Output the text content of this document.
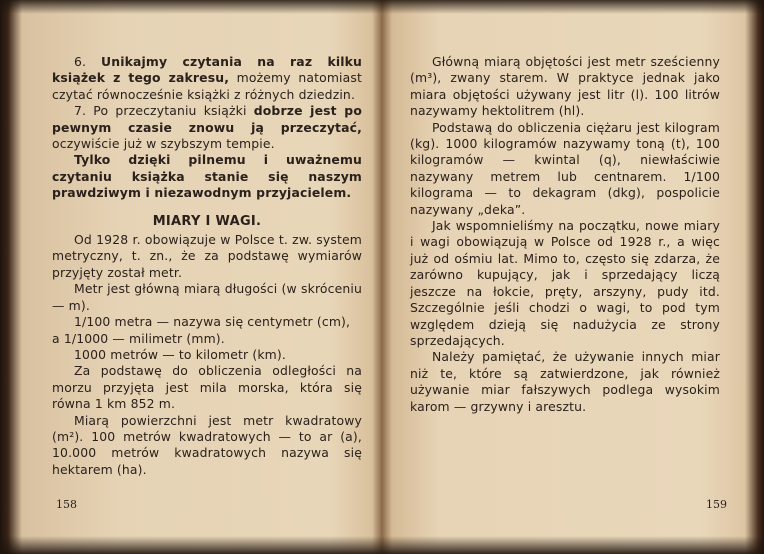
6. Unikajmy czytania na raz kilku książek z tego zakresu, możemy natomiast czytać równocześnie książki z różnych dziedzin.

7. Po przeczytaniu książki dobrze jest po pewnym czasie znowu ją przeczytać, oczywiście już w szybszym tempie.

Tylko dzięki pilnemu i uważnemu czytaniu książka stanie się naszym prawdziwym i niezawodnym przyjacielem.

MIARY I WAGI.

Od 1928 r. obowiązuje w Polsce t. zw. system metryczny, t. zn., że za podstawę wymiarów przyjęty został metr.

Metr jest główną miarą długości (w skróceniu — m).

1/100 metra — nazywa się centymetr (cm),

a 1/1000 — milimetr (mm).

1000 metrów — to kilometr (km).

Za podstawę do obliczenia odległości na morzu przyjęta jest mila morska, która się równa 1 km 852 m.

Miarą powierzchni jest metr kwadratowy (m²). 100 metrów kwadratowych — to ar (a), 10.000 metrów kwadratowych nazywa się hektarem (ha).

158

Główną miarą objętości jest metr sześcienny (m³), zwany starem. W praktyce jednak jako miara objętości używany jest litr (l). 100 litrów nazywamy hektolitrem (hl).

Podstawą do obliczenia ciężaru jest kilogram (kg). 1000 kilogramów nazywamy toną (t), 100 kilogramów — kwintal (q), niewłaściwie nazywany metrem lub centnarem. 1/100 kilograma — to dekagram (dkg), pospolicie nazywany „deka”.

Jak wspomnieliśmy na początku, nowe miary i wagi obowiązują w Polsce od 1928 r., a więc już od ośmiu lat. Mimo to, często się zdarza, że zarówno kupujący, jak i sprzedający liczą jeszcze na łokcie, pręty, arszyny, pudy itd. Szczególnie jeśli chodzi o wagi, to pod tym względem dzieją się nadużycia ze strony sprzedających.

Należy pamiętać, że używanie innych miar niż te, które są zatwierdzone, jak również używanie miar fałszywych podlega wysokim karom — grzywny i aresztu.

159
